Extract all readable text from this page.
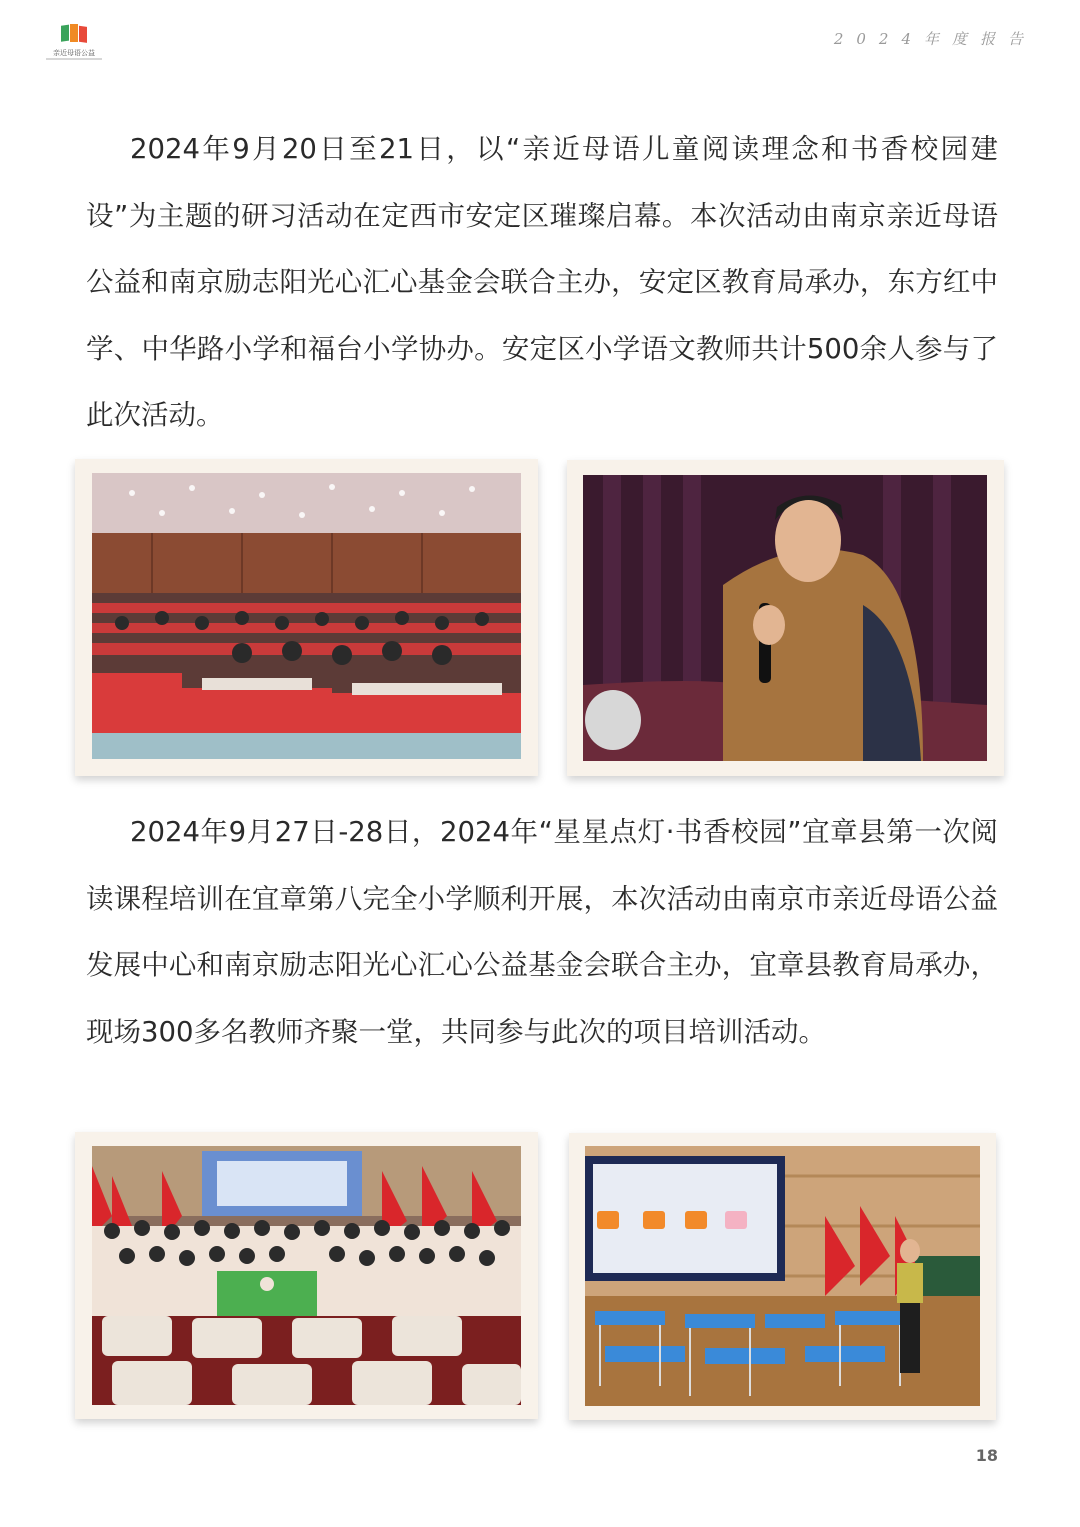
亲近母语公益
2024年度报告

2024年9月20日至21日，以“亲近母语儿童阅读理念和书香校园建设”为主题的研习活动在定西市安定区璀璨启幕。本次活动由南京亲近母语公益和南京励志阳光心汇心基金会联合主办，安定区教育局承办，东方红中学、中华路小学和福台小学协办。安定区小学语文教师共计500余人参与了此次活动。

2024年9月27日-28日，2024年“星星点灯·书香校园”宜章县第一次阅读课程培训在宜章第八完全小学顺利开展，本次活动由南京市亲近母语公益发展中心和南京励志阳光心汇心公益基金会联合主办，宜章县教育局承办，现场300多名教师齐聚一堂，共同参与此次的项目培训活动。

18
